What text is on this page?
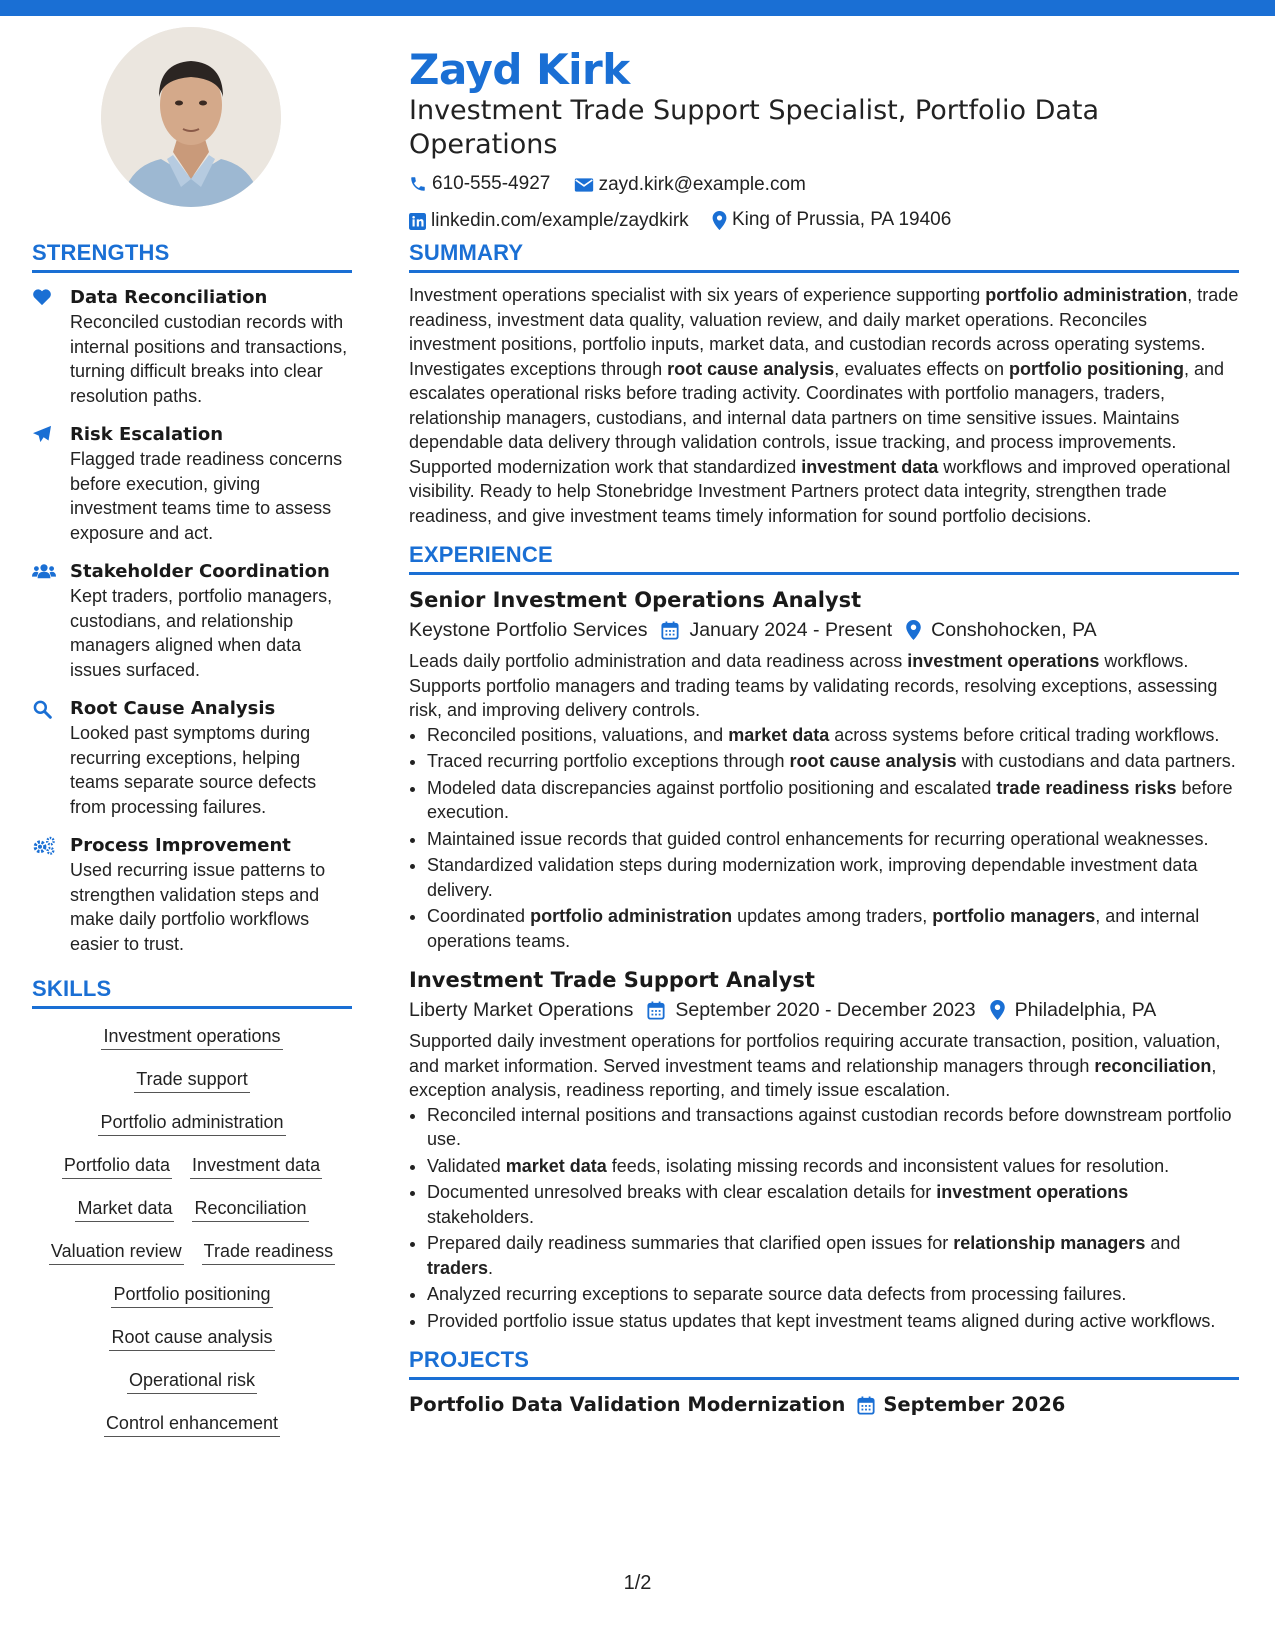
Zayd Kirk
Investment Trade Support Specialist, Portfolio Data Operations
610-555-4927
	zayd.kirk@example.com
linkedin.com/example/zaydkirk
King of Prussia, PA 19406
STRENGTHS
Data Reconciliation
Reconciled custodian records with internal positions and transactions, turning difficult breaks into clear resolution paths.
Risk Escalation
Flagged trade readiness concerns before execution, giving investment teams time to assess exposure and act.
Stakeholder Coordination
Kept traders, portfolio managers, custodians, and relationship managers aligned when data issues surfaced.
Root Cause Analysis
Looked past symptoms during recurring exceptions, helping teams separate source defects from processing failures.
Process Improvement
Used recurring issue patterns to strengthen validation steps and make daily portfolio workflows easier to trust.
SKILLS
Investment operations
Trade support
Portfolio administration
Portfolio data Investment data
Market data Reconciliation
Valuation review Trade readiness
Portfolio positioning
Root cause analysis
Operational risk
Control enhancement
SUMMARY
Investment operations specialist with six years of experience supporting portfolio administration, trade readiness, investment data quality, valuation review, and daily market operations. Reconciles investment positions, portfolio inputs, market data, and custodian records across operating systems. Investigates exceptions through root cause analysis, evaluates effects on portfolio positioning, and escalates operational risks before trading activity. Coordinates with portfolio managers, traders, relationship managers, custodians, and internal data partners on time sensitive issues. Maintains dependable data delivery through validation controls, issue tracking, and process improvements. Supported modernization work that standardized investment data workflows and improved operational visibility. Ready to help Stonebridge Investment Partners protect data integrity, strengthen trade readiness, and give investment teams timely information for sound portfolio decisions.
EXPERIENCE
Senior Investment Operations Analyst
Keystone Portfolio Services January 2024 - Present Conshohocken, PA
Leads daily portfolio administration and data readiness across investment operations workflows. Supports portfolio managers and trading teams by validating records, resolving exceptions, assessing risk, and improving delivery controls.
• Reconciled positions, valuations, and market data across systems before critical trading workflows.
• Traced recurring portfolio exceptions through root cause analysis with custodians and data partners.
• Modeled data discrepancies against portfolio positioning and escalated trade readiness risks before execution.
• Maintained issue records that guided control enhancements for recurring operational weaknesses.
• Standardized validation steps during modernization work, improving dependable investment data delivery.
• Coordinated portfolio administration updates among traders, portfolio managers, and internal operations teams.
Investment Trade Support Analyst
Liberty Market Operations September 2020 - December 2023 Philadelphia, PA
Supported daily investment operations for portfolios requiring accurate transaction, position, valuation, and market information. Served investment teams and relationship managers through reconciliation, exception analysis, readiness reporting, and timely issue escalation.
• Reconciled internal positions and transactions against custodian records before downstream portfolio use.
• Validated market data feeds, isolating missing records and inconsistent values for resolution.
• Documented unresolved breaks with clear escalation details for investment operations stakeholders.
• Prepared daily readiness summaries that clarified open issues for relationship managers and traders.
• Analyzed recurring exceptions to separate source data defects from processing failures.
• Provided portfolio issue status updates that kept investment teams aligned during active workflows.
PROJECTS
Portfolio Data Validation Modernization September 2026
1/2
